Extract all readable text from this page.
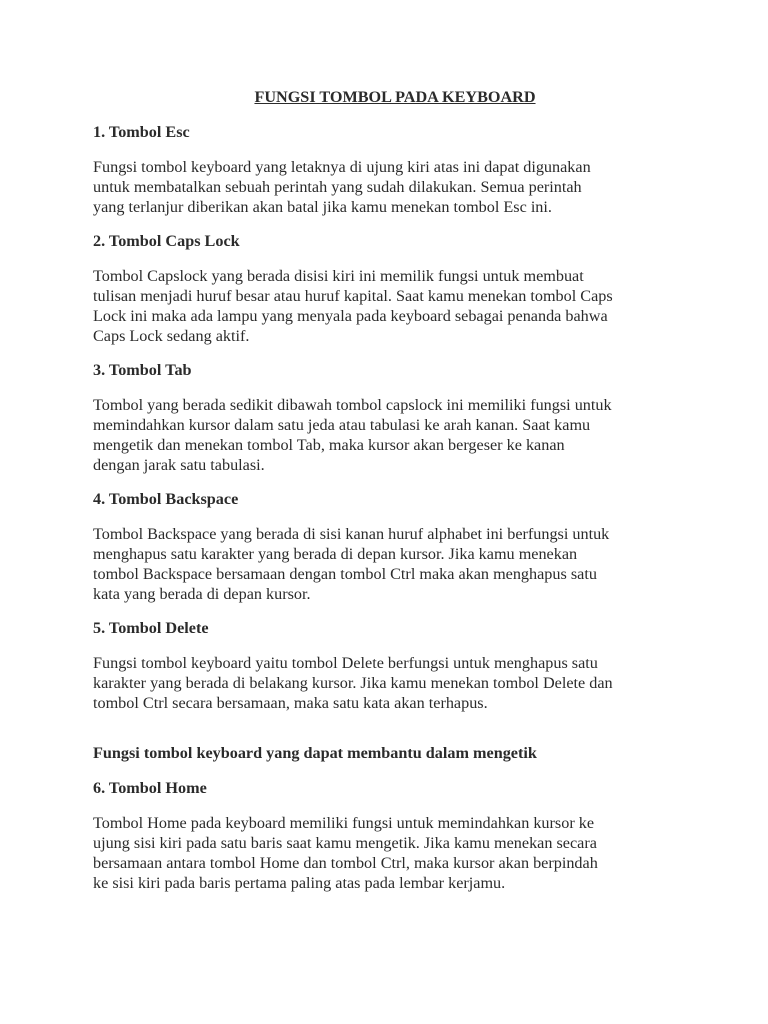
FUNGSI TOMBOL PADA KEYBOARD
1. Tombol Esc
Fungsi tombol keyboard yang letaknya di ujung kiri atas ini dapat digunakan
untuk membatalkan sebuah perintah yang sudah dilakukan. Semua perintah
yang terlanjur diberikan akan batal jika kamu menekan tombol Esc ini.
2. Tombol Caps Lock
Tombol Capslock yang berada disisi kiri ini memilik fungsi untuk membuat
tulisan menjadi huruf besar atau huruf kapital. Saat kamu menekan tombol Caps
Lock ini maka ada lampu yang menyala pada keyboard sebagai penanda bahwa
Caps Lock sedang aktif.
3. Tombol Tab
Tombol yang berada sedikit dibawah tombol capslock ini memiliki fungsi untuk
memindahkan kursor dalam satu jeda atau tabulasi ke arah kanan. Saat kamu
mengetik dan menekan tombol Tab, maka kursor akan bergeser ke kanan
dengan jarak satu tabulasi.
4. Tombol Backspace
Tombol Backspace yang berada di sisi kanan huruf alphabet ini berfungsi untuk
menghapus satu karakter yang berada di depan kursor. Jika kamu menekan
tombol Backspace bersamaan dengan tombol Ctrl maka akan menghapus satu
kata yang berada di depan kursor.
5. Tombol Delete
Fungsi tombol keyboard yaitu tombol Delete berfungsi untuk menghapus satu
karakter yang berada di belakang kursor. Jika kamu menekan tombol Delete dan
tombol Ctrl secara bersamaan, maka satu kata akan terhapus.
Fungsi tombol keyboard yang dapat membantu dalam mengetik
6. Tombol Home
Tombol Home pada keyboard memiliki fungsi untuk memindahkan kursor ke
ujung sisi kiri pada satu baris saat kamu mengetik. Jika kamu menekan secara
bersamaan antara tombol Home dan tombol Ctrl, maka kursor akan berpindah
ke sisi kiri pada baris pertama paling atas pada lembar kerjamu.
